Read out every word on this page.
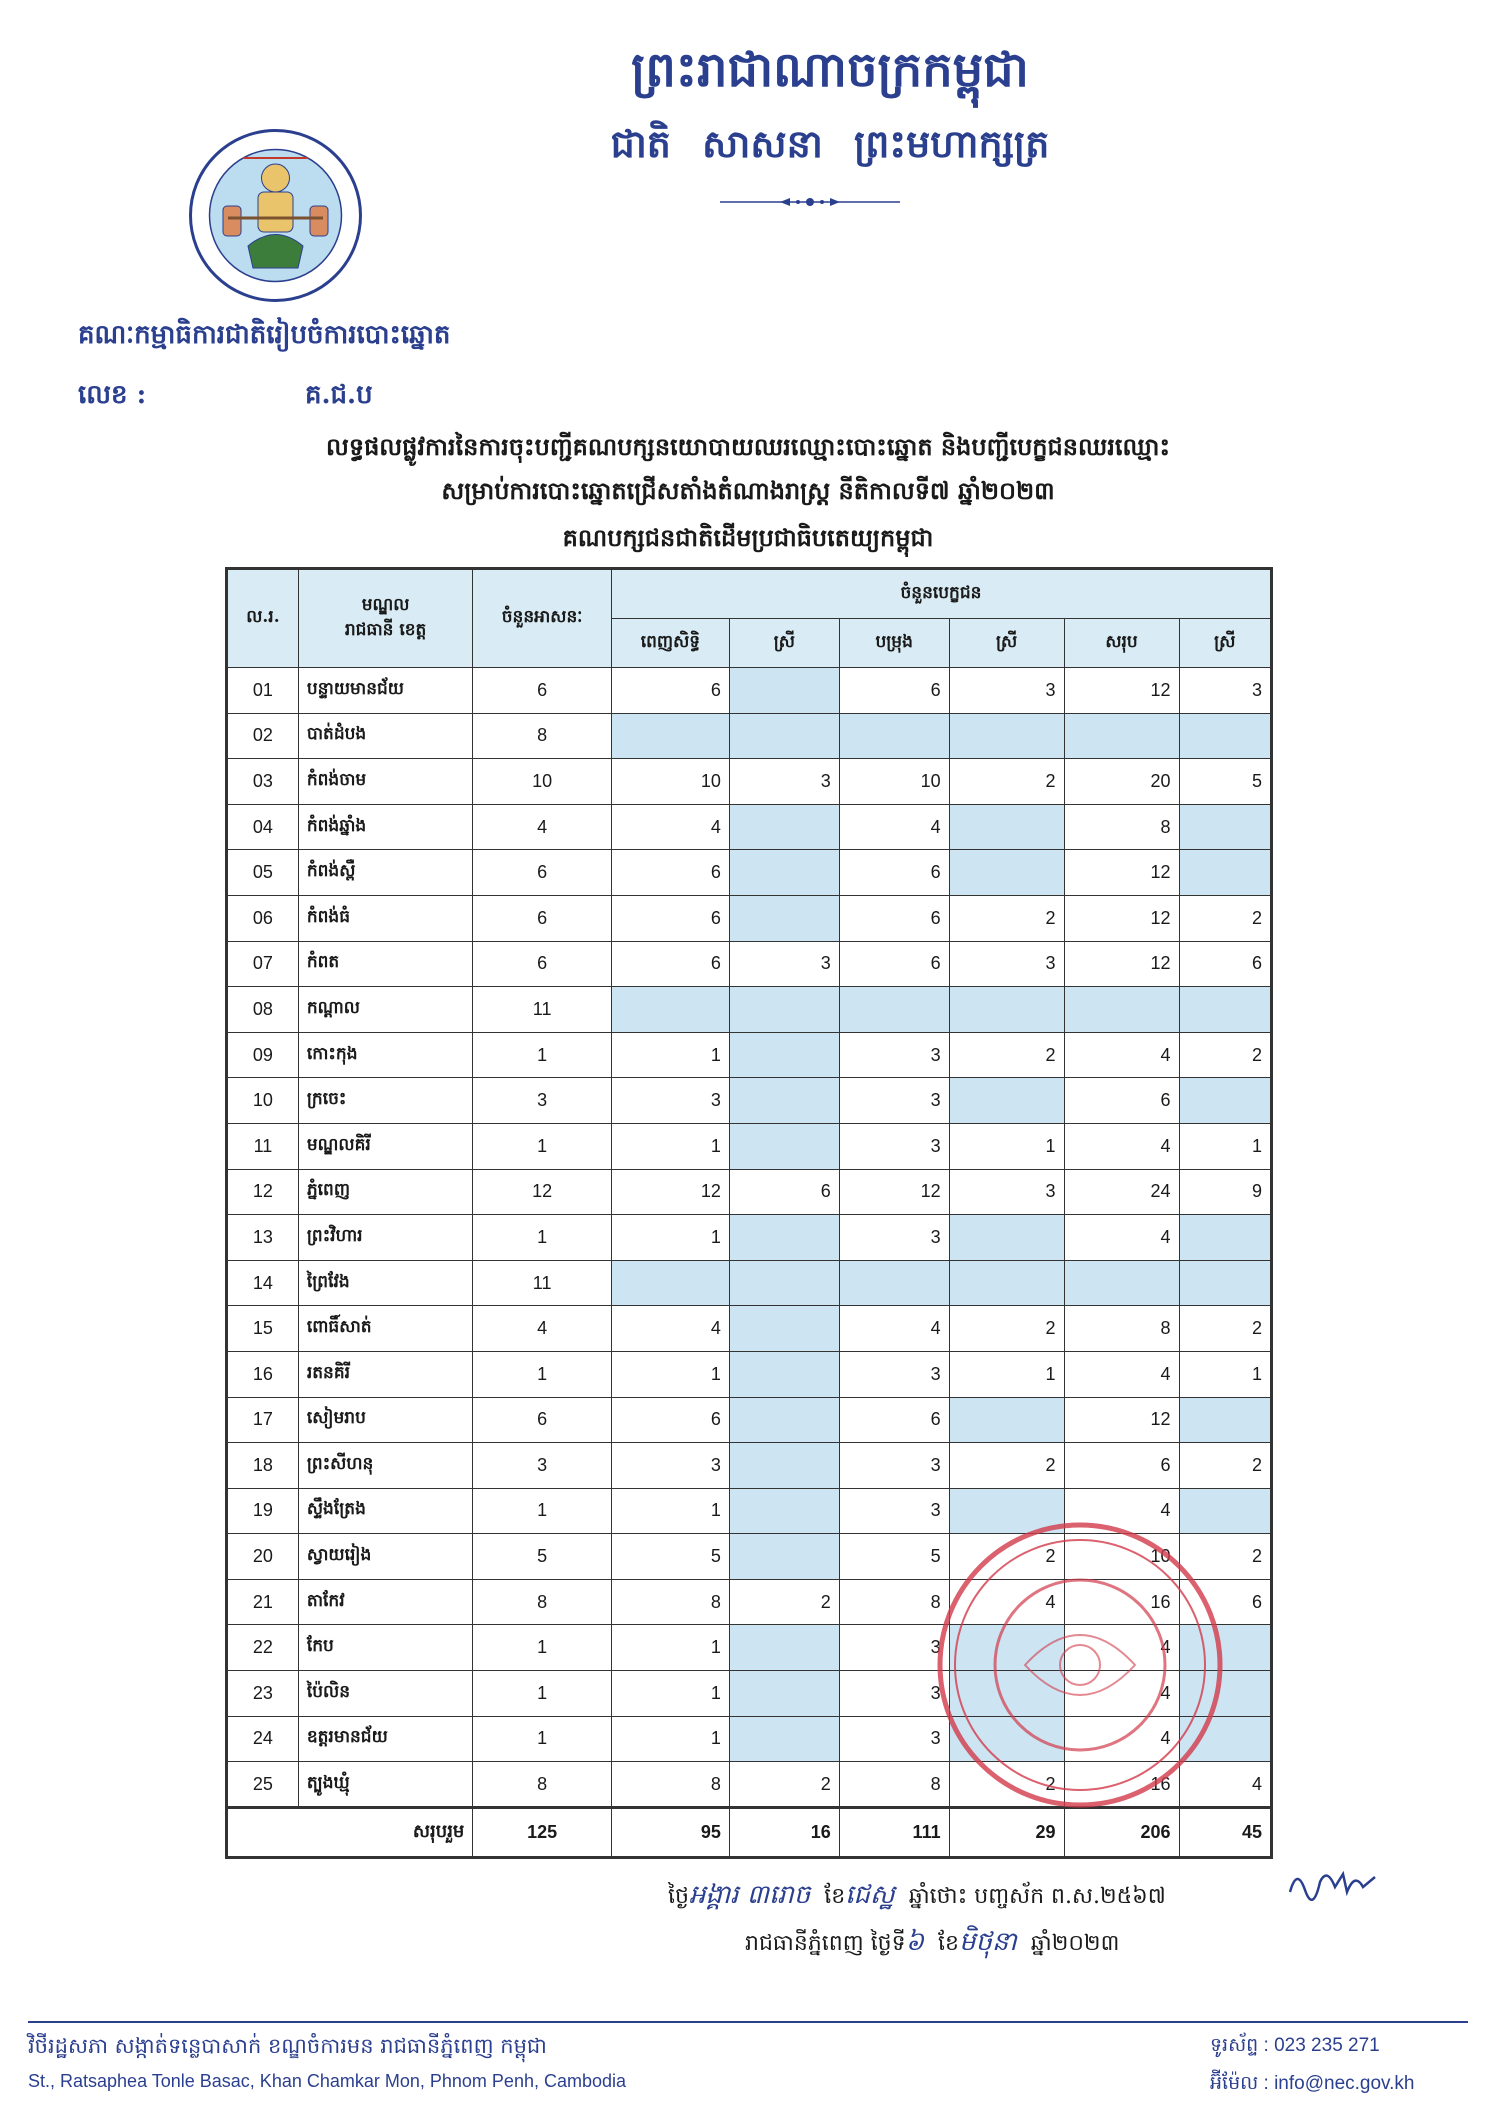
ព្រះរាជាណាចក្រកម្ពុជា
ជាតិ សាសនា ព្រះមហាក្សត្រ
គណៈកម្មាធិការជាតិរៀបចំការបោះឆ្នោត
លេខ :	គ.ជ.ប
លទ្ធផលផ្លូវការនៃការចុះបញ្ជីគណបក្សនយោបាយឈរឈ្មោះបោះឆ្នោត និងបញ្ជីបេក្ខជនឈរឈ្មោះ
សម្រាប់ការបោះឆ្នោតជ្រើសតាំងតំណាងរាស្ត្រ នីតិកាលទី៧ ឆ្នាំ២០២៣
គណបក្សជនជាតិដើមប្រជាធិបតេយ្យកម្ពុជា
ល.រ.	មណ្ឌល
រាជធានី ខេត្ត	ចំនួនអាសនៈ	ចំនួនបេក្ខជន					
			ពេញសិទ្ធិ	ស្រី	បម្រុង	ស្រី	សរុប	ស្រី
01	បន្ទាយមានជ័យ	6	6		6	3	12	3
02	បាត់ដំបង	8						
03	កំពង់ចាម	10	10	3	10	2	20	5
04	កំពង់ឆ្នាំង	4	4		4		8	
05	កំពង់ស្ពឺ	6	6		6		12	
06	កំពង់ធំ	6	6		6	2	12	2
07	កំពត	6	6	3	6	3	12	6
08	កណ្តាល	11						
09	កោះកុង	1	1		3	2	4	2
10	ក្រចេះ	3	3		3		6	
11	មណ្ឌលគិរី	1	1		3	1	4	1
12	ភ្នំពេញ	12	12	6	12	3	24	9
13	ព្រះវិហារ	1	1		3		4	
14	ព្រៃវែង	11						
15	ពោធិ៍សាត់	4	4		4	2	8	2
16	រតនគិរី	1	1		3	1	4	1
17	សៀមរាប	6	6		6		12	
18	ព្រះសីហនុ	3	3		3	2	6	2
19	ស្ទឹងត្រែង	1	1		3		4	
20	ស្វាយរៀង	5	5		5	2	10	2
21	តាកែវ	8	8	2	8	4	16	6
22	កែប	1	1		3		4	
23	ប៉ៃលិន	1	1		3		4	
24	ឧត្តរមានជ័យ	1	1		3		4	
25	ត្បូងឃ្មុំ	8	8	2	8	2	16	4
សរុបរួម		125	95	16	111	29	206	45
ថ្ងៃអង្គារ ៣រោច ខែជេស្ឋ ឆ្នាំថោះ បញ្ចស័ក ព.ស.២៥៦៧
រាជធានីភ្នំពេញ ថ្ងៃទី៦ ខែមិថុនា ឆ្នាំ២០២៣
វិថីរដ្ឋសភា សង្កាត់ទន្លេបាសាក់ ខណ្ឌចំការមន រាជធានីភ្នំពេញ កម្ពុជា
St., Ratsaphea Tonle Basac, Khan Chamkar Mon, Phnom Penh, Cambodia
ទូរស័ព្ទ : 023 235 271
អ៊ីម៉ែល : info@nec.gov.kh
